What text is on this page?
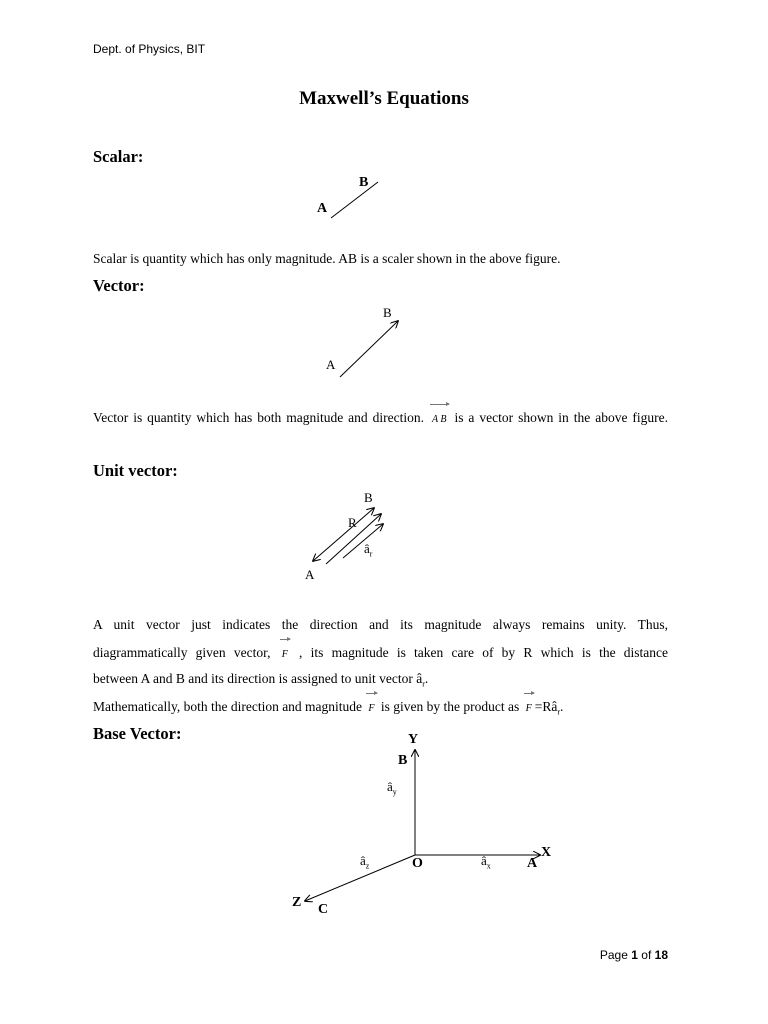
Dept. of Physics, BIT
Maxwell’s Equations
Scalar:
B
A
Scalar is quantity which has only magnitude. AB is a scaler shown in the above figure.
Vector:
B
A
Vector is quantity which has both magnitude and direction. A B is a vector shown in the above figure.
Unit vector:
B
R
$â_r$
A
A unit vector just indicates the direction and its magnitude always remains unity. Thus,
diagrammatically given vector, F , its magnitude is taken care of by R which is the distance
between A and B and its direction is assigned to unit vector $â_r$.
Mathematically, both the direction and magnitude F is given by the product as $F =Râ_r$.
Base Vector:	Y
B
$â_y$
$â_z$	O	$â_x$	A
X
Z C
Page 1 of 18
